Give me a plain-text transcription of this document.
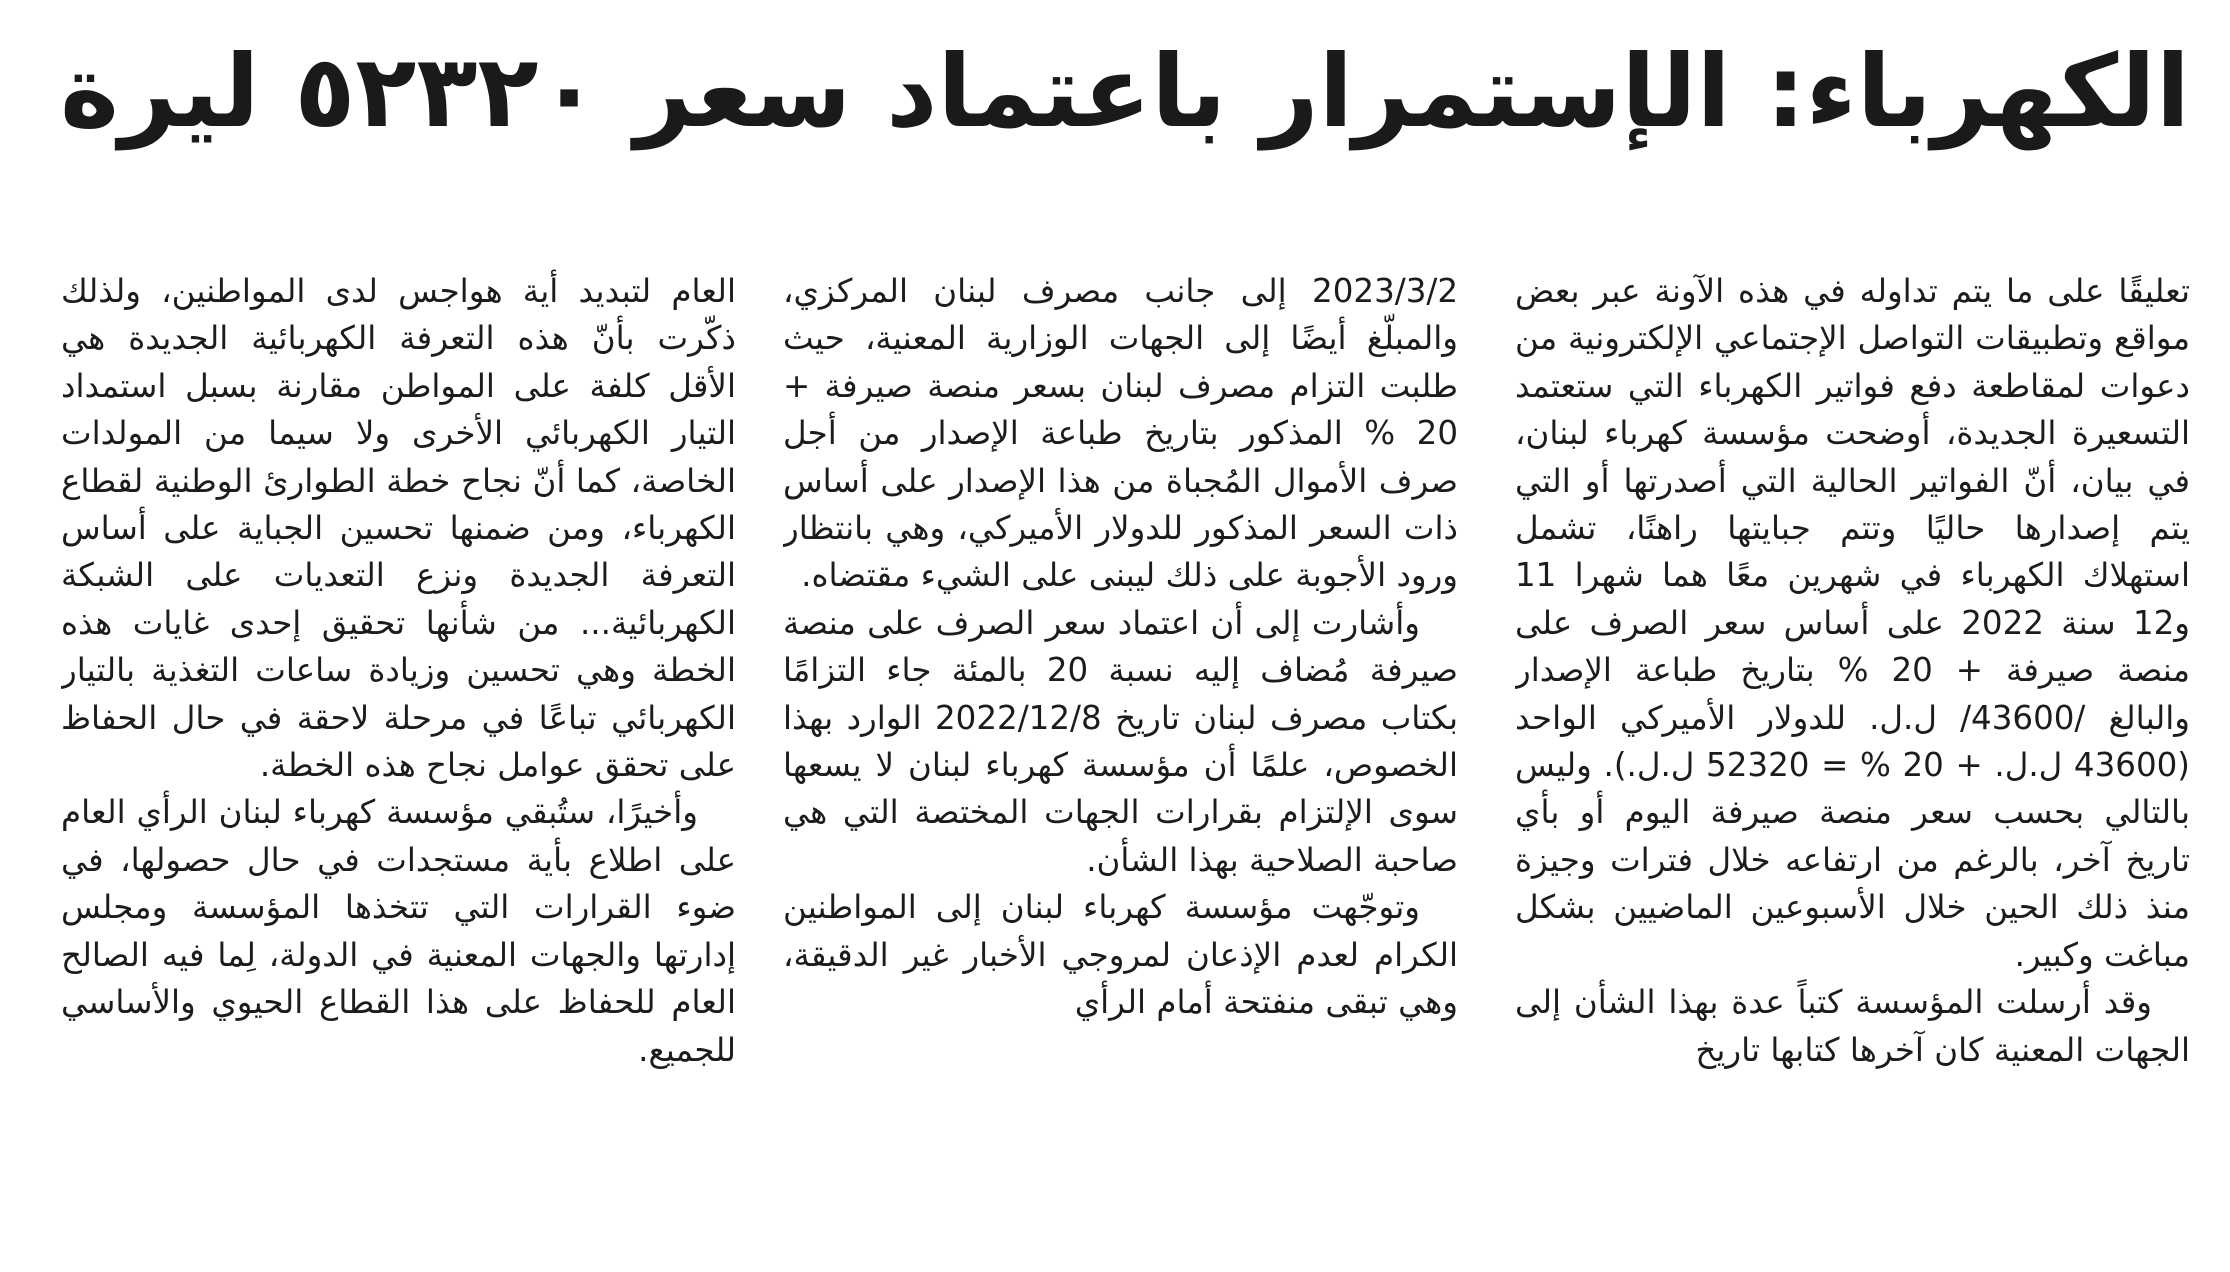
الكهرباء: الإستمرار باعتماد سعر ٥٢٣٢٠ ليرة

تعليقًا على ما يتم تداوله في هذه الآونة عبر بعض مواقع وتطبيقات التواصل الإجتماعي الإلكترونية من دعوات لمقاطعة دفع فواتير الكهرباء التي ستعتمد التسعيرة الجديدة، أوضحت مؤسسة كهرباء لبنان، في بيان، أنّ الفواتير الحالية التي أصدرتها أو التي يتم إصدارها حاليًا وتتم جبايتها راهنًا، تشمل استهلاك الكهرباء في شهرين معًا هما شهرا 11 و12 سنة 2022 على أساس سعر الصرف على منصة صيرفة + 20 % بتاريخ طباعة الإصدار والبالغ /43600/ ل.ل. للدولار الأميركي الواحد (43600 ل.ل. + 20 % = 52320 ل.ل.). وليس بالتالي بحسب سعر منصة صيرفة اليوم أو بأي تاريخ آخر، بالرغم من ارتفاعه خلال فترات وجيزة منذ ذلك الحين خلال الأسبوعين الماضيين بشكل مباغت وكبير.

وقد أرسلت المؤسسة كتباً عدة بهذا الشأن إلى الجهات المعنية كان آخرها كتابها تاريخ

2023/3/2 إلى جانب مصرف لبنان المركزي، والمبلّغ أيضًا إلى الجهات الوزارية المعنية، حيث طلبت التزام مصرف لبنان بسعر منصة صيرفة + 20 % المذكور بتاريخ طباعة الإصدار من أجل صرف الأموال المُجباة من هذا الإصدار على أساس ذات السعر المذكور للدولار الأميركي، وهي بانتظار ورود الأجوبة على ذلك ليبنى على الشيء مقتضاه.

وأشارت إلى أن اعتماد سعر الصرف على منصة صيرفة مُضاف إليه نسبة 20 بالمئة جاء التزامًا بكتاب مصرف لبنان تاريخ 2022/12/8 الوارد بهذا الخصوص، علمًا أن مؤسسة كهرباء لبنان لا يسعها سوى الإلتزام بقرارات الجهات المختصة التي هي صاحبة الصلاحية بهذا الشأن.

وتوجّهت مؤسسة كهرباء لبنان إلى المواطنين الكرام لعدم الإذعان لمروجي الأخبار غير الدقيقة، وهي تبقى منفتحة أمام الرأي

العام لتبديد أية هواجس لدى المواطنين، ولذلك ذكّرت بأنّ هذه التعرفة الكهربائية الجديدة هي الأقل كلفة على المواطن مقارنة بسبل استمداد التيار الكهربائي الأخرى ولا سيما من المولدات الخاصة، كما أنّ نجاح خطة الطوارئ الوطنية لقطاع الكهرباء، ومن ضمنها تحسين الجباية على أساس التعرفة الجديدة ونزع التعديات على الشبكة الكهربائية... من شأنها تحقيق إحدى غايات هذه الخطة وهي تحسين وزيادة ساعات التغذية بالتيار الكهربائي تباعًا في مرحلة لاحقة في حال الحفاظ على تحقق عوامل نجاح هذه الخطة.

وأخيرًا، ستُبقي مؤسسة كهرباء لبنان الرأي العام على اطلاع بأية مستجدات في حال حصولها، في ضوء القرارات التي تتخذها المؤسسة ومجلس إدارتها والجهات المعنية في الدولة، لِما فيه الصالح العام للحفاظ على هذا القطاع الحيوي والأساسي للجميع.
